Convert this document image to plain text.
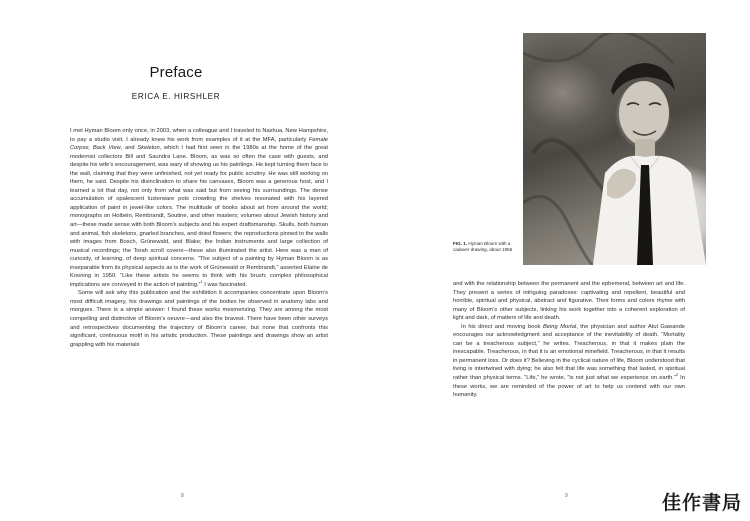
Preface
ERICA E. HIRSHLER

I met Hyman Bloom only once, in 2003, when a colleague and I traveled to Nashua, New Hampshire, to pay a studio visit. I already knew his work from examples of it at the MFA, particularly Female Corpse, Back View, and Skeleton, which I had first seen in the 1980s at the home of the great modernist collectors Bill and Saundra Lane. Bloom, as was so often the case with guests, and despite his wife’s encouragement, was wary of showing us his paintings. He kept turning them face to the wall, claiming that they were unfinished, not yet ready for public scrutiny. He was still working on them, he said. Despite his disinclination to share his canvases, Bloom was a generous host, and I learned a lot that day, not only from what was said but from seeing his surroundings. The dense accumulation of opalescent lusterware pots crowding the shelves resonated with his layered application of paint in jewel-like colors. The multitude of books about art from around the world; monographs on Holbein, Rembrandt, Soutine, and other masters; volumes about Jewish history and art—these made sense with both Bloom’s subjects and his expert draftsmanship. Skulls, both human and animal, fish skeletons, gnarled branches, and dried flowers; the reproductions pinned to the walls with images from Bosch, Grünewald, and Blake; the Indian instruments and large collection of musical recordings; the Torah scroll covers—these also illuminated the artist. Here was a man of curiosity, of learning, of deep spiritual concerns. “The subject of a painting by Hyman Bloom is as inseparable from its physical aspects as is the work of Grünewald or Rembrandt,” asserted Elaine de Kooning in 1950. “Like these artists he seems to think with his brush; complex philosophical implications are conveyed in the action of painting.”$^1$ I was fascinated.

Some will ask why this publication and the exhibition it accompanies concentrate upon Bloom’s most difficult imagery, his drawings and paintings of the bodies he observed in anatomy labs and morgues. There is a simple answer: I found these works mesmerizing. They are among the most compelling and distinctive of Bloom’s oeuvre—and also the bravest. There have been other surveys and retrospectives documenting the trajectory of Bloom’s career, but none that confronts this significant, continuous motif in his artistic production. These paintings and drawings show an artist grappling with his materials

FIG. 1. Hyman Bloom with a cadaver drawing, about 1955

and with the relationship between the permanent and the ephemeral, between art and life. They present a series of intriguing paradoxes: captivating and repellent, beautiful and horrible, spiritual and physical, abstract and figurative. Their forms and colors rhyme with many of Bloom’s other subjects, linking his work together into a coherent exploration of light and dark, of matters of life and death.

In his direct and moving book Being Mortal, the physician and author Atul Gawande encourages our acknowledgment and acceptance of the inevitability of death. “Mortality can be a treacherous subject,” he writes. Treacherous, in that it makes plain the inescapable. Treacherous, in that it is an emotional minefield. Treacherous, in that it results in permanent loss. Or does it? Believing in the cyclical nature of life, Bloom understood that living is intertwined with dying; he also felt that life was something that lasted, in spiritual rather than physical terms. “Life,” he wrote, “is not just what we experience on earth.”$^2$ In these works, we are reminded of the power of art to help us contend with our own humanity.

8	9	佳作書局
